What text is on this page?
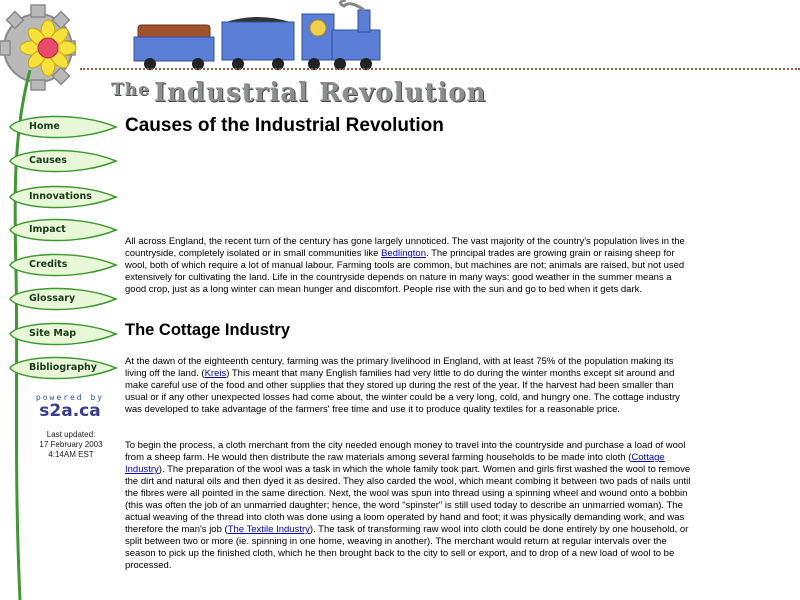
$^{The}$ Industrial Revolution
Home
Causes
Innovations
Impact
Credits
Glossary
Site Map
Bibliography
powered by
s2a.ca
Last updated:
17 February 2003
4:14AM EST
Causes of the Industrial Revolution

All across England, the recent turn of the century has gone largely unnoticed. The vast majority of the country's population lives in the countryside, completely isolated or in small communities like Bedlington. The principal trades are growing grain or raising sheep for wool, both of which require a lot of manual labour. Farming tools are common, but machines are not; animals are raised, but not used extensively for cultivating the land. Life in the countryside depends on nature in many ways: good weather in the summer means a good crop, just as a long winter can mean hunger and discomfort. People rise with the sun and go to bed when it gets dark.

The Cottage Industry

At the dawn of the eighteenth century, farming was the primary livelihood in England, with at least 75% of the population making its living off the land. (Kreis) This meant that many English families had very little to do during the winter months except sit around and make careful use of the food and other supplies that they stored up during the rest of the year. If the harvest had been smaller than usual or if any other unexpected losses had come about, the winter could be a very long, cold, and hungry one. The cottage industry was developed to take advantage of the farmers' free time and use it to produce quality textiles for a reasonable price.

To begin the process, a cloth merchant from the city needed enough money to travel into the countryside and purchase a load of wool from a sheep farm. He would then distribute the raw materials among several farming households to be made into cloth (Cottage Industry). The preparation of the wool was a task in which the whole family took part. Women and girls first washed the wool to remove the dirt and natural oils and then dyed it as desired. They also carded the wool, which meant combing it between two pads of nails until the fibres were all pointed in the same direction. Next, the wool was spun into thread using a spinning wheel and wound onto a bobbin (this was often the job of an unmarried daughter; hence, the word "spinster" is still used today to describe an unmarried woman). The actual weaving of the thread into cloth was done using a loom operated by hand and foot; it was physically demanding work, and was therefore the man's job (The Textile Industry). The task of transforming raw wool into cloth could be done entirely by one household, or split between two or more (ie. spinning in one home, weaving in another). The merchant would return at regular intervals over the season to pick up the finished cloth, which he then brought back to the city to sell or export, and to drop of a new load of wool to be processed.
